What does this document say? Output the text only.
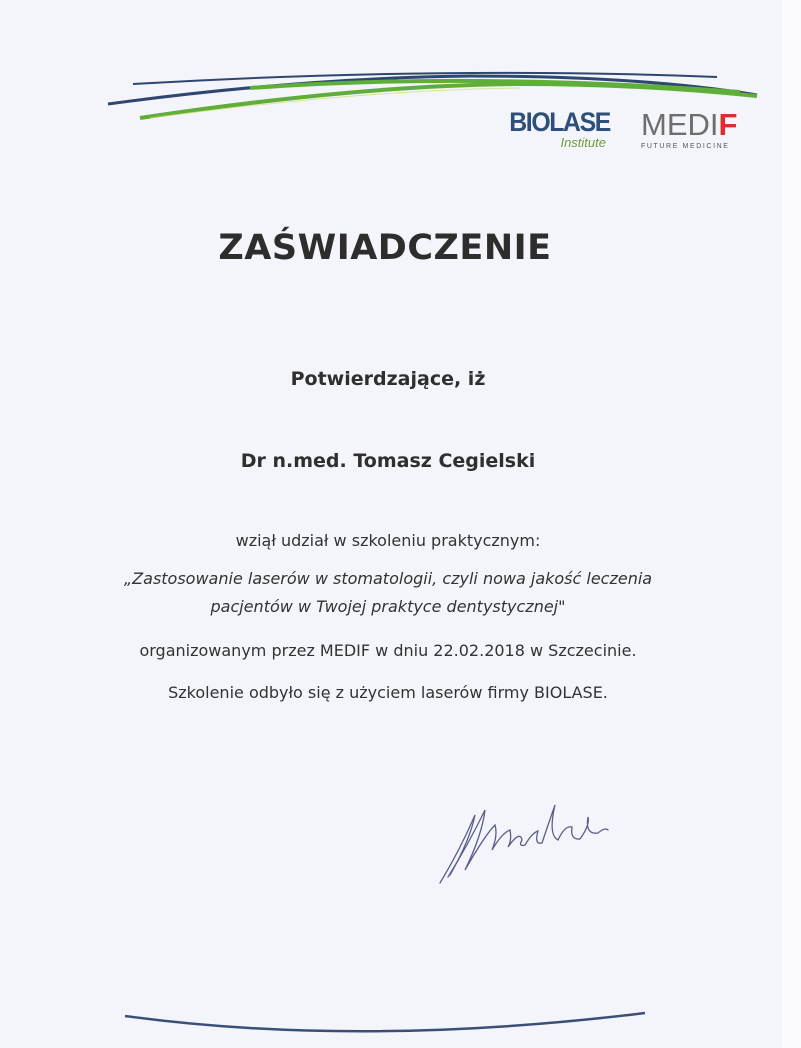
BIOLASE
Institute
MEDIF
FUTURE MEDICINE
ZAŚWIADCZENIE
Potwierdzające, iż
Dr n.med. Tomasz Cegielski
wziął udział w szkoleniu praktycznym:
„Zastosowanie laserów w stomatologii, czyli nowa jakość leczenia
pacjentów w Twojej praktyce dentystycznej"
organizowanym przez MEDIF w dniu 22.02.2018 w Szczecinie.
Szkolenie odbyło się z użyciem laserów firmy BIOLASE.
